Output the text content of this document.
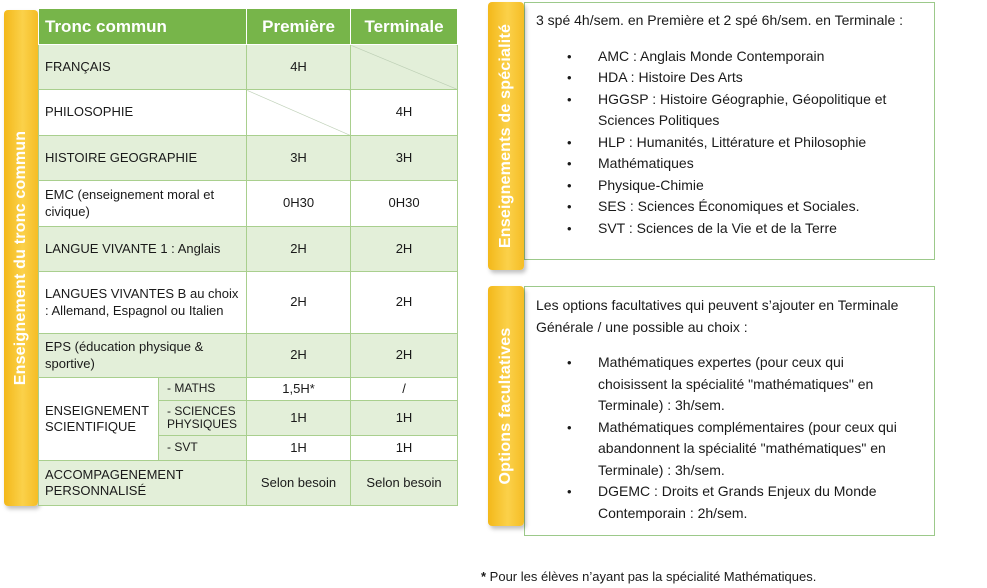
Enseignement du tronc commun
Tronc commun		Première	Terminale
FRANÇAIS		4H	
PHILOSOPHIE			4H
HISTOIRE GEOGRAPHIE		3H	3H
EMC (enseignement moral et civique)		0H30	0H30
LANGUE VIVANTE 1 : Anglais		2H	2H
LANGUES VIVANTES B au choix : Allemand, Espagnol ou Italien		2H	2H
EPS (éducation physique & sportive)		2H	2H
ENSEIGNEMENT SCIENTIFIQUE	- MATHS	1,5H*	/
	- SCIENCES PHYSIQUES	1H	1H
	- SVT	1H	1H
ACCOMPAGENEMENT PERSONNALISÉ		Selon besoin	Selon besoin
3 spé 4h/sem. en Première et 2 spé 6h/sem. en Terminale :
• AMC : Anglais Monde Contemporain
• HDA : Histoire Des Arts
• HGGSP : Histoire Géographie, Géopolitique et Sciences Politiques
• HLP : Humanités, Littérature et Philosophie
• Mathématiques
• Physique-Chimie
• SES : Sciences Économiques et Sociales.
• SVT : Sciences de la Vie et de la Terre
Enseignements de spécialité
Les options facultatives qui peuvent s’ajouter en Terminale Générale / une possible au choix :
• Mathématiques expertes (pour ceux qui choisissent la spécialité "mathématiques" en Terminale) : 3h/sem.
• Mathématiques complémentaires (pour ceux qui abandonnent la spécialité "mathématiques" en Terminale) : 3h/sem.
• DGEMC : Droits et Grands Enjeux du Monde Contemporain : 2h/sem.
Options facultatives
* Pour les élèves n’ayant pas la spécialité Mathématiques.
